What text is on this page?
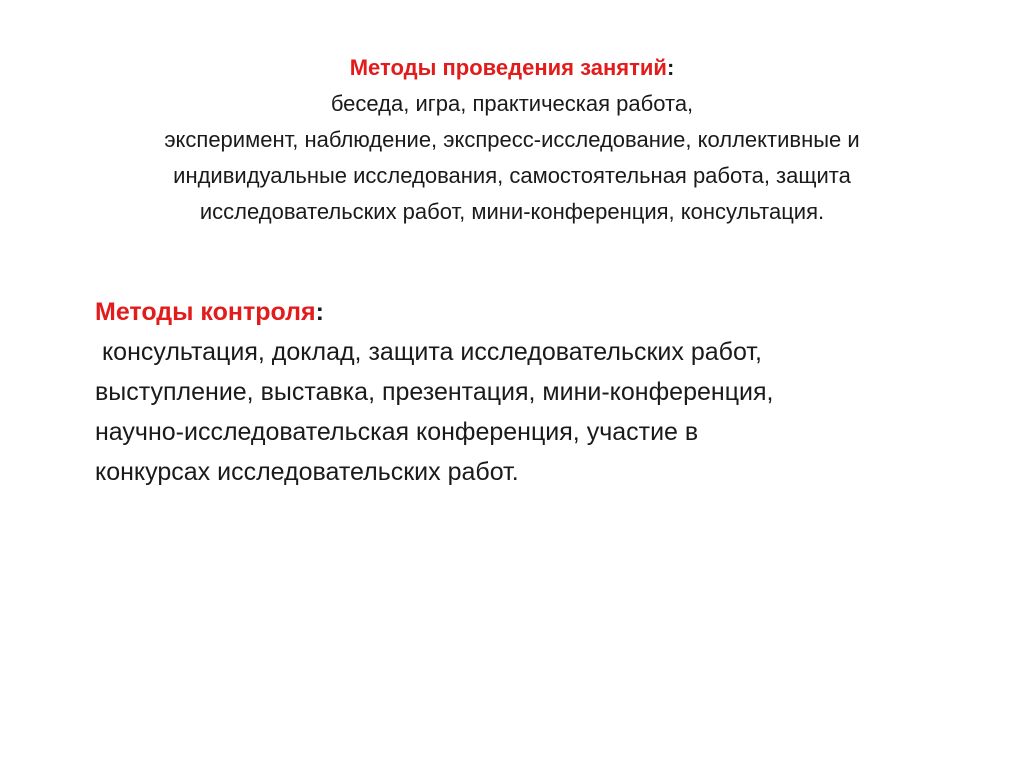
Методы проведения занятий:
беседа, игра, практическая работа,
эксперимент, наблюдение, экспресс-исследование, коллективные и
индивидуальные исследования, самостоятельная работа, защита
исследовательских работ, мини-конференция, консультация.
Методы контроля:
консультация, доклад, защита исследовательских работ,
выступление, выставка, презентация, мини-конференция,
научно-исследовательская конференция, участие в
конкурсах исследовательских работ.
